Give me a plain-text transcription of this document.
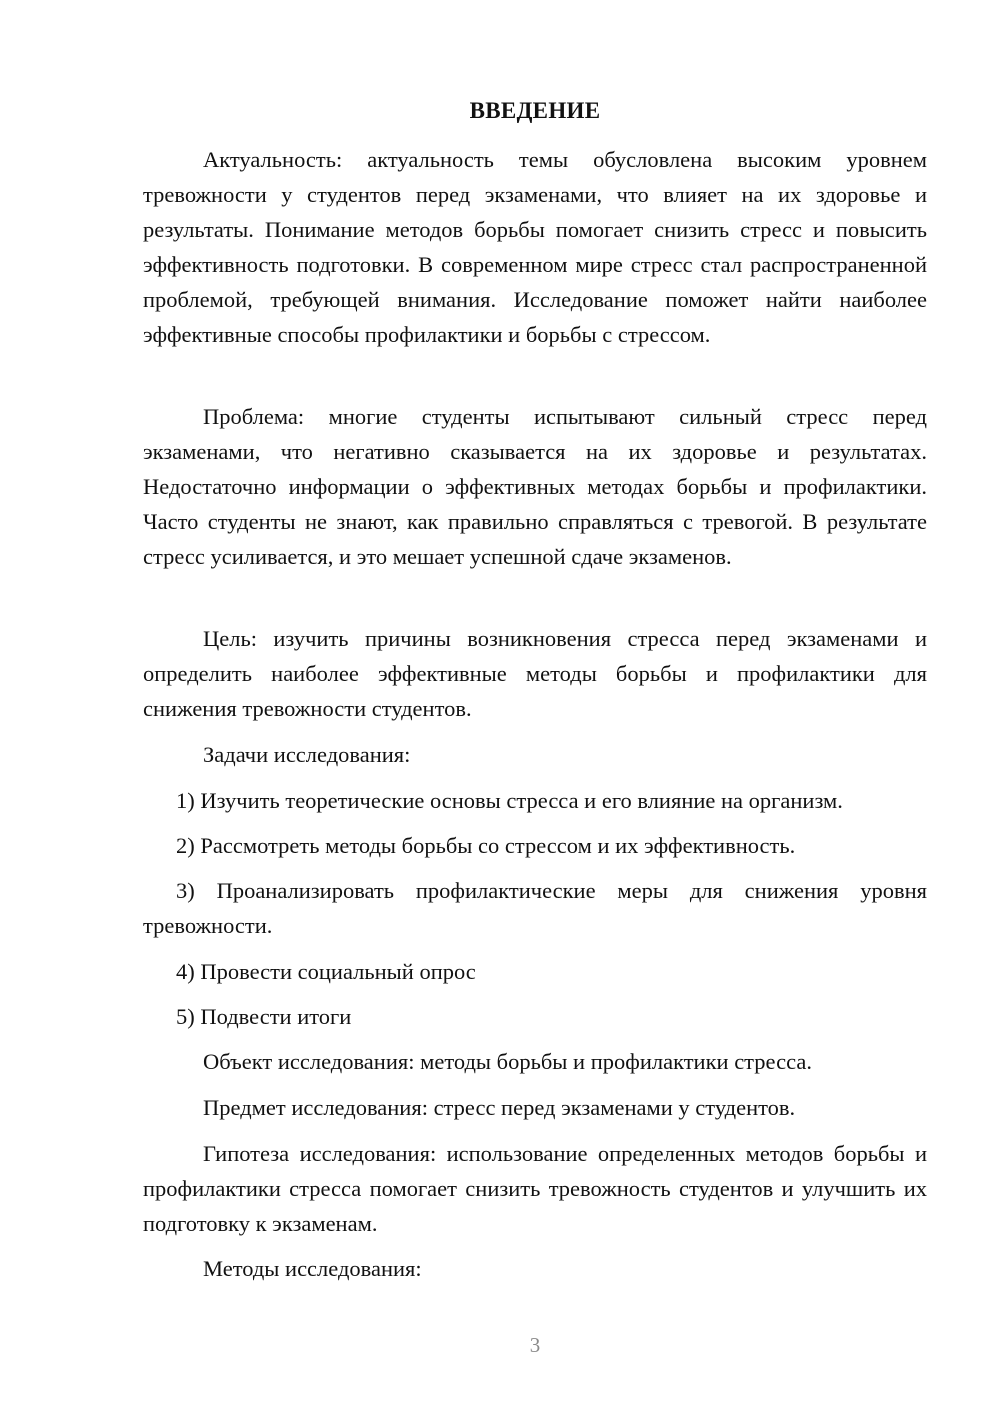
ВВЕДЕНИЕ

Актуальность: актуальность темы обусловлена высоким уровнем тревожности у студентов перед экзаменами, что влияет на их здоровье и результаты. Понимание методов борьбы помогает снизить стресс и повысить эффективность подготовки. В современном мире стресс стал распространенной проблемой, требующей внимания. Исследование поможет найти наиболее эффективные способы профилактики и борьбы с стрессом.

Проблема: многие студенты испытывают сильный стресс перед экзаменами, что негативно сказывается на их здоровье и результатах. Недостаточно информации о эффективных методах борьбы и профилактики. Часто студенты не знают, как правильно справляться с тревогой. В результате стресс усиливается, и это мешает успешной сдаче экзаменов.

Цель: изучить причины возникновения стресса перед экзаменами и определить наиболее эффективные методы борьбы и профилактики для снижения тревожности студентов.

Задачи исследования:

1) Изучить теоретические основы стресса и его влияние на организм.

2) Рассмотреть методы борьбы со стрессом и их эффективность.

3) Проанализировать профилактические меры для снижения уровня тревожности.

4) Провести социальный опрос

5) Подвести итоги

Объект исследования: методы борьбы и профилактики стресса.

Предмет исследования: стресс перед экзаменами у студентов.

Гипотеза исследования: использование определенных методов борьбы и профилактики стресса помогает снизить тревожность студентов и улучшить их подготовку к экзаменам.

Методы исследования:

3
